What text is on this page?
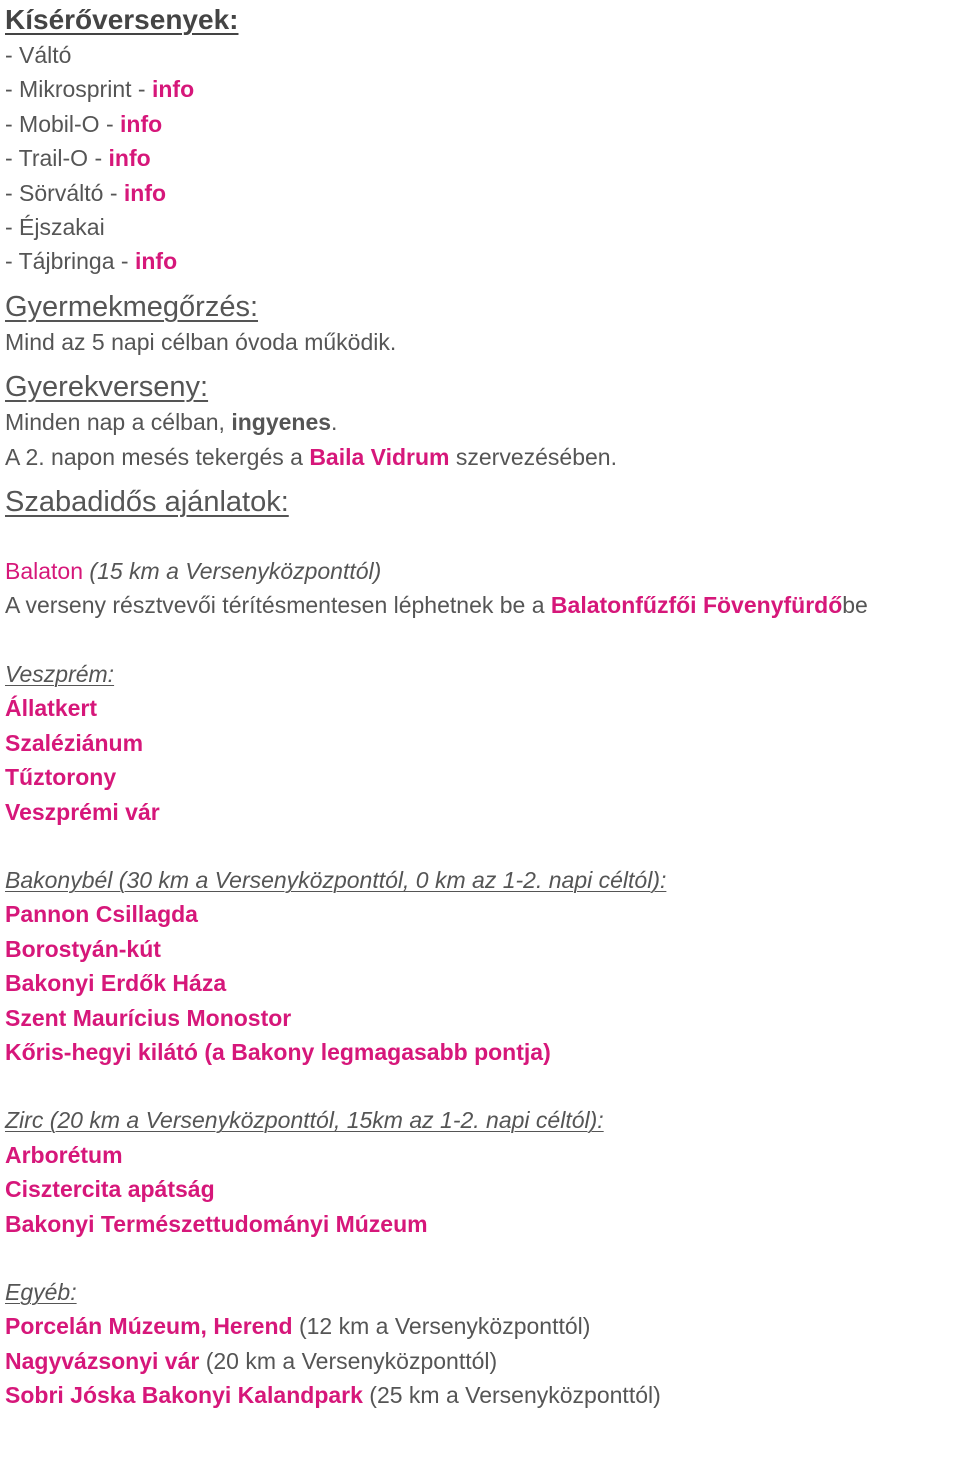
Kísérőversenyek:
- Váltó
- Mikrosprint - info
- Mobil-O - info
- Trail-O - info
- Sörváltó - info
- Éjszakai
- Tájbringa - info
Gyermekmegőrzés:
Mind az 5 napi célban óvoda működik.
Gyerekverseny:
Minden nap a célban, ingyenes.
A 2. napon mesés tekergés a Baila Vidrum szervezésében.
Szabadidős ajánlatok:
Balaton (15 km a Versenyközponttól)
A verseny résztvevői térítésmentesen léphetnek be a Balatonfűzfői Fövenyfürdőbe
Veszprém:
Állatkert
Szaléziánum
Tűztorony
Veszprémi vár
Bakonybél (30 km a Versenyközponttól, 0 km az 1-2. napi céltól):
Pannon Csillagda
Borostyán-kút
Bakonyi Erdők Háza
Szent Maurícius Monostor
Kőris-hegyi kilátó (a Bakony legmagasabb pontja)
Zirc (20 km a Versenyközponttól, 15km az 1-2. napi céltól):
Arborétum
Cisztercita apátság
Bakonyi Természettudományi Múzeum
Egyéb:
Porcelán Múzeum, Herend (12 km a Versenyközponttól)
Nagyvázsonyi vár (20 km a Versenyközponttól)
Sobri Jóska Bakonyi Kalandpark (25 km a Versenyközponttól)
